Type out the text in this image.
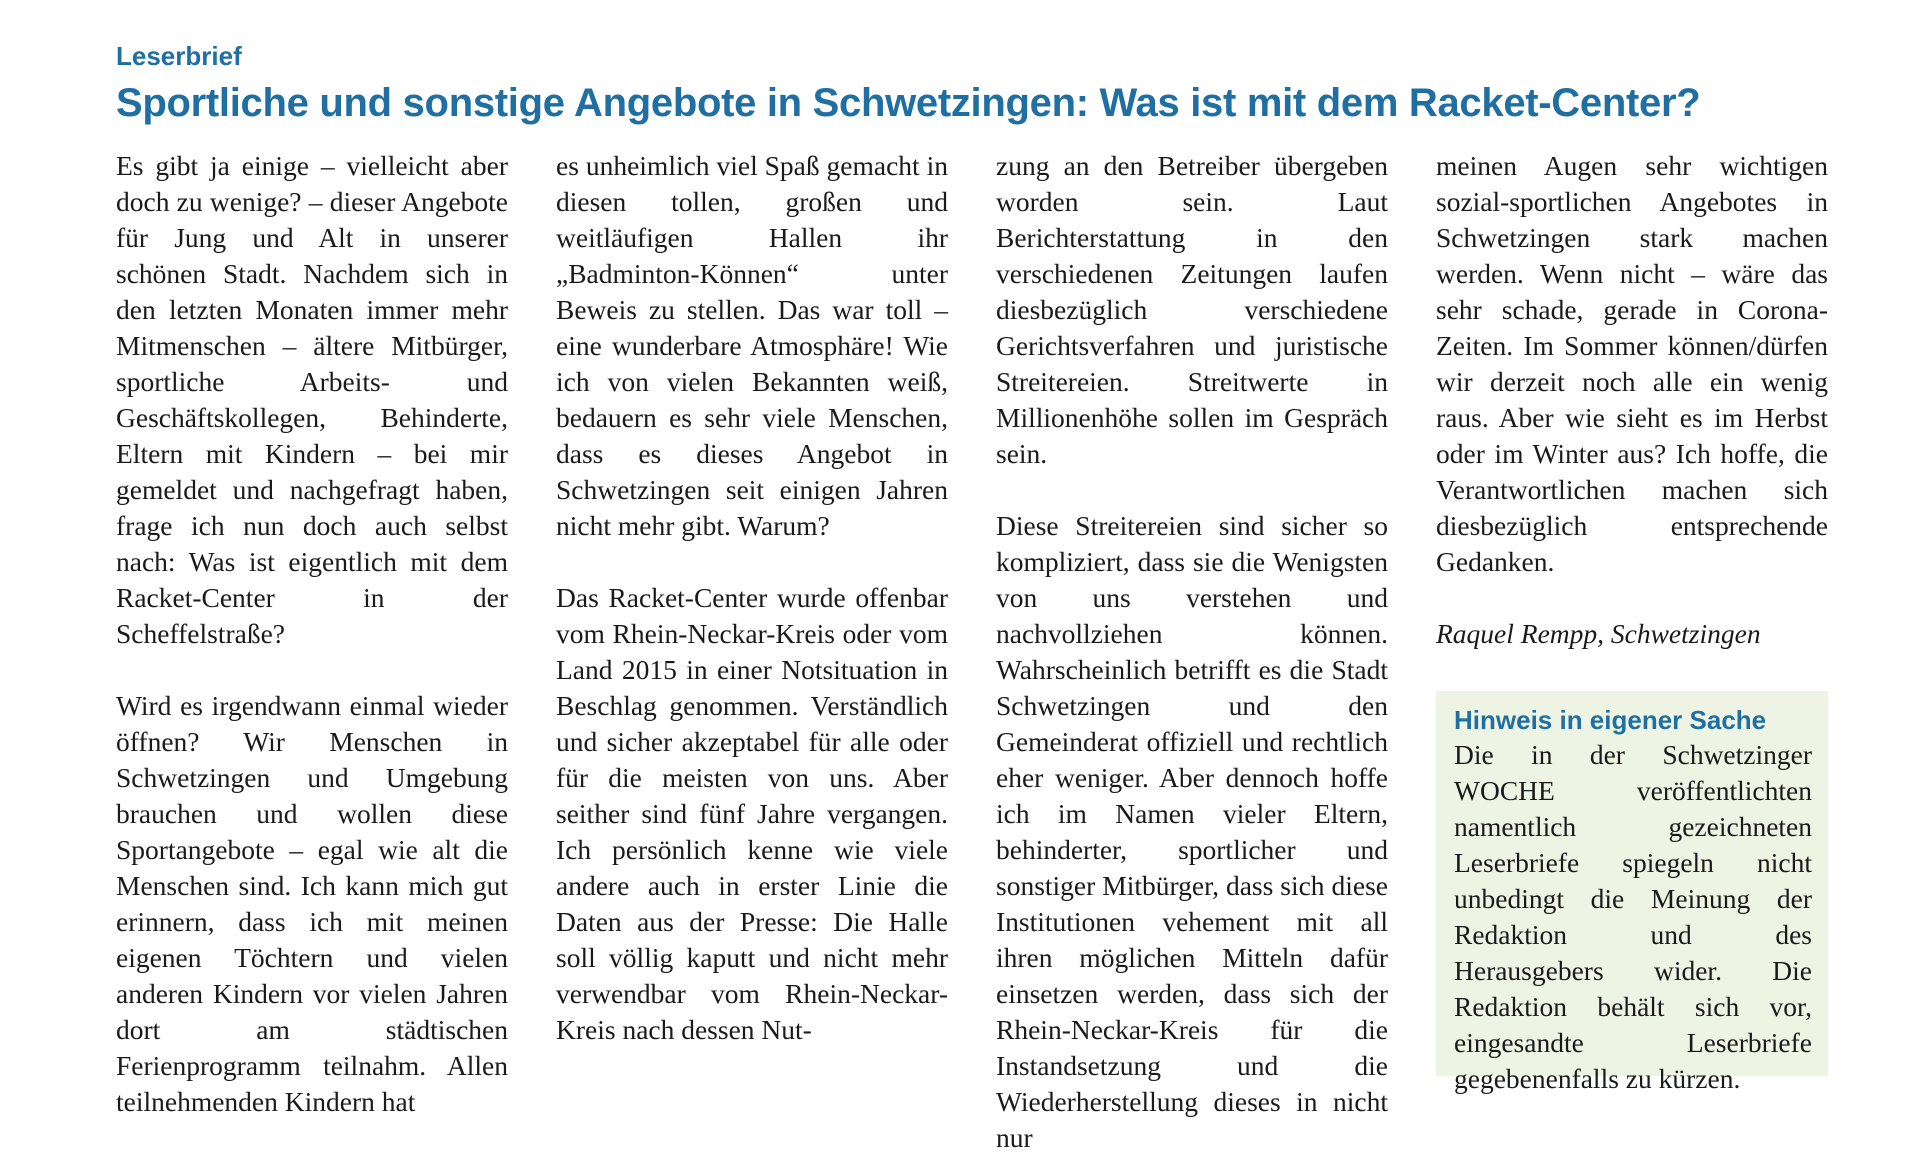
Leserbrief
Sportliche und sonstige Angebote in Schwetzingen: Was ist mit dem Racket-Center?

Es gibt ja einige – vielleicht aber doch zu wenige? – dieser Angebote für Jung und Alt in unserer schönen Stadt. Nachdem sich in den letzten Monaten immer mehr Mitmenschen – ältere Mitbürger, sportliche Arbeits- und Geschäftskollegen, Behinderte, Eltern mit Kindern – bei mir gemeldet und nachgefragt haben, frage ich nun doch auch selbst nach: Was ist eigentlich mit dem Racket-Center in der Scheffelstraße?

Wird es irgendwann einmal wieder öffnen? Wir Menschen in Schwetzingen und Umgebung brauchen und wollen diese Sportangebote – egal wie alt die Menschen sind. Ich kann mich gut erinnern, dass ich mit meinen eigenen Töchtern und vielen anderen Kindern vor vielen Jahren dort am städtischen Ferienprogramm teilnahm. Allen teilnehmenden Kindern hat

es unheimlich viel Spaß gemacht in diesen tollen, großen und weitläufigen Hallen ihr „Badminton-Können“ unter Beweis zu stellen. Das war toll – eine wunderbare Atmosphäre! Wie ich von vielen Bekannten weiß, bedauern es sehr viele Menschen, dass es dieses Angebot in Schwetzingen seit einigen Jahren nicht mehr gibt. Warum?

Das Racket-Center wurde offenbar vom Rhein-Neckar-Kreis oder vom Land 2015 in einer Notsituation in Beschlag genommen. Verständlich und sicher akzeptabel für alle oder für die meisten von uns. Aber seither sind fünf Jahre vergangen. Ich persönlich kenne wie viele andere auch in erster Linie die Daten aus der Presse: Die Halle soll völlig kaputt und nicht mehr verwendbar vom Rhein-Neckar-Kreis nach dessen Nut-

zung an den Betreiber übergeben worden sein. Laut Berichterstattung in den verschiedenen Zeitungen laufen diesbezüglich verschiedene Gerichtsverfahren und juristische Streitereien. Streitwerte in Millionenhöhe sollen im Gespräch sein.

Diese Streitereien sind sicher so kompliziert, dass sie die Wenigsten von uns verstehen und nachvollziehen können. Wahrscheinlich betrifft es die Stadt Schwetzingen und den Gemeinderat offiziell und rechtlich eher weniger. Aber dennoch hoffe ich im Namen vieler Eltern, behinderter, sportlicher und sonstiger Mitbürger, dass sich diese Institutionen vehement mit all ihren möglichen Mitteln dafür einsetzen werden, dass sich der Rhein-Neckar-Kreis für die Instandsetzung und die Wiederherstellung dieses in nicht nur

meinen Augen sehr wichtigen sozial-sportlichen Angebotes in Schwetzingen stark machen werden. Wenn nicht – wäre das sehr schade, gerade in Corona-Zeiten. Im Sommer können/dürfen wir derzeit noch alle ein wenig raus. Aber wie sieht es im Herbst oder im Winter aus? Ich hoffe, die Verantwortlichen machen sich diesbezüglich entsprechende Gedanken.

Raquel Rempp, Schwetzingen

Hinweis in eigener Sache

Die in der Schwetzinger WOCHE veröffentlichten namentlich gezeichneten Leserbriefe spiegeln nicht unbedingt die Meinung der Redaktion und des Herausgebers wider. Die Redaktion behält sich vor, eingesandte Leserbriefe gegebenenfalls zu kürzen.
